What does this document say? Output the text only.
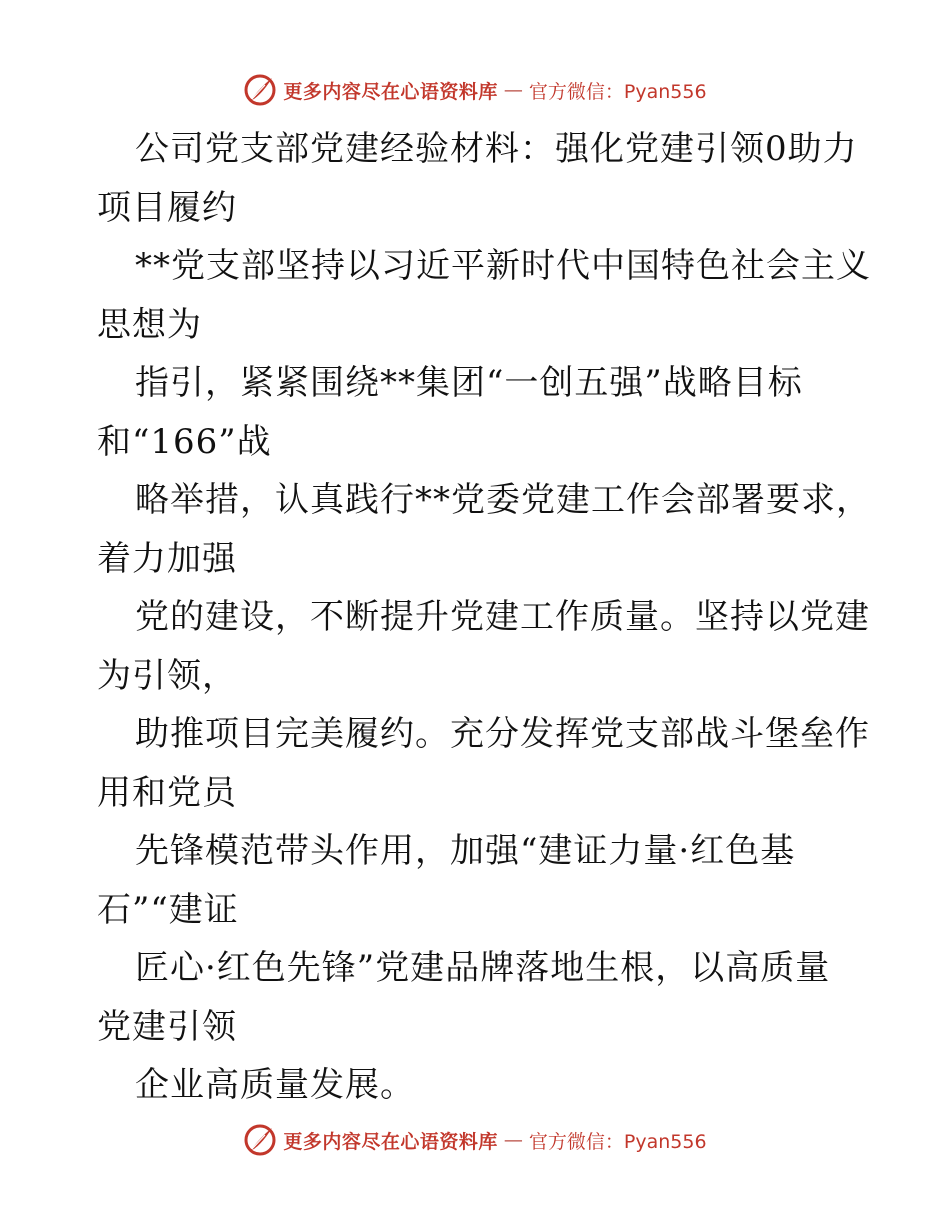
更多内容尽在心语资料库 — 官方微信：Pyan556

公司党支部党建经验材料：强化党建引领0助力

项目履约

**党支部坚持以习近平新时代中国特色社会主义

思想为

指引，紧紧围绕**集团“一创五强”战略目标

和“166”战

略举措，认真践行**党委党建工作会部署要求，

着力加强

党的建设，不断提升党建工作质量。坚持以党建

为引领，

助推项目完美履约。充分发挥党支部战斗堡垒作

用和党员

先锋模范带头作用，加强“建证力量·红色基

石”“建证

匠心·红色先锋”党建品牌落地生根，以高质量

党建引领

企业高质量发展。

更多内容尽在心语资料库 — 官方微信：Pyan556
